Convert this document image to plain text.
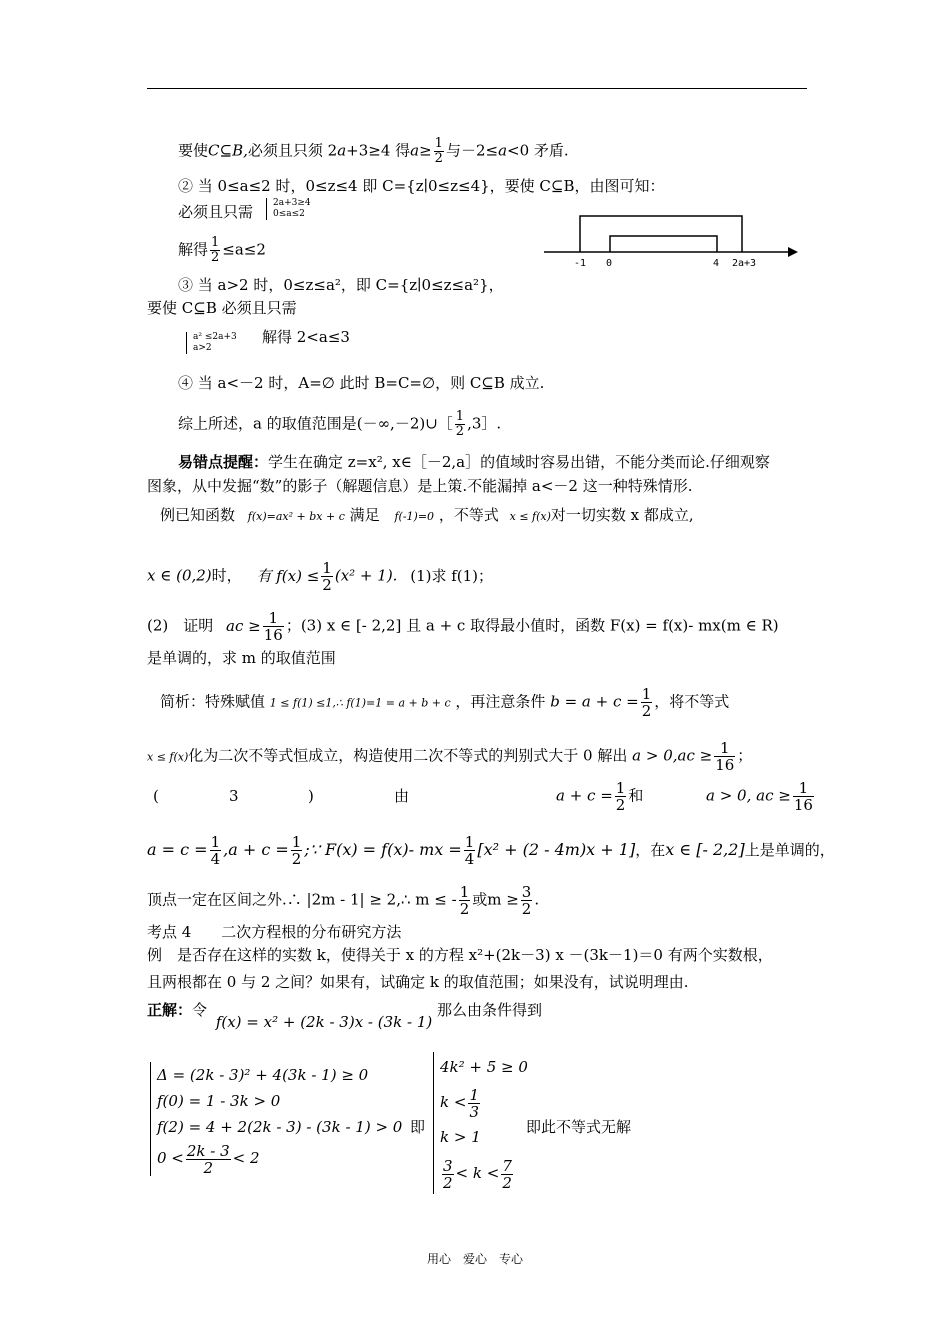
要使C⊆B,必须且只须 2a+3≥4 得$a\ge \frac{1}{2}$ 与－2≤a<0 矛盾.
② 当 0≤a≤2 时，0≤z≤4 即 C={z∣0≤z≤4}，要使 C⊆B，由图可知：
必须且只需 2a+3≥4
0≤a≤2
解得 $\frac{1}{2} \le a\le 2$
-1 0	4 2a+3
③ 当 a>2 时，0≤z≤a²，即 C={z∣0≤z≤a²}，
要使 C⊆B 必须且只需
a² ≤2a+3
a>2
解得 2<a≤3
④ 当 a<－2 时，A=∅ 此时 B=C=∅，则 C⊆B 成立.
综上所述，a 的取值范围是(－∞,－2)∪［ $\frac{1}{2}$ ,3］.
易错点提醒：学生在确定 z=x², x∈［－2,a］的值域时容易出错，不能分类而论.仔细观察
图象，从中发掘“数”的影子（解题信息）是上策.不能漏掉 a<－2 这一种特殊情形.
例已知函数 f(x)=ax² + bx + c 满足 f(-1)=0 ，不等式 x ≤ f(x)对一切实数 x 都成立,
x ∈ (0,2)时， 有 $f(x) \le \frac{1}{2} (x^2 + 1)$. (1)求 f(1)；
(2)　证明 ac ≥ $\frac{1}{16}$ ；(3) x ∈ [- 2,2] 且 a + c 取得最小值时，函数 F(x) = f(x)- mx(m ∈ R)
是单调的，求 m 的取值范围
简析：特殊赋值 1 ≤ f(1) ≤1,∴ f(1)=1 = a + b + c ，再注意条件 $b = a + c = \frac{1}{2}$ ，将不等式
x ≤ f(x)化为二次不等式恒成立，构造使用二次不等式的判别式大于 0 解出 $a > 0,ac \ge \frac{1}{16}$ ；
(	3	)	由	$a + c = \frac{1}{2}$ 和	a > 0, ac ≥ $\frac{1}{16}$
$a = c = \frac{1}{4} ,a + c = \frac{1}{2}$ ;∵ F(x) = f(x)- mx = $\frac{1}{4} [x^2 + (2 - 4m)x + 1]$，在x ∈ [- 2,2]上是单调的，
顶点一定在区间之外.∴ |2m - 1| ≥ 2,∴ m ≤ - $\frac{1}{2}$ 或$m \ge \frac{3}{2}$ .
考点 4　　二次方程根的分布研究方法
例　是否存在这样的实数 k，使得关于 x 的方程 x²+(2k－3) x －(3k－1)＝0 有两个实数根，
且两根都在 0 与 2 之间？如果有，试确定 k 的取值范围；如果没有，试说明理由.
正解：令 f(x) = x² + (2k - 3)x - (3k - 1) 那么由条件得到
Δ = (2k - 3)² + 4(3k - 1) ≥ 0
f(0) = 1 - 3k > 0
f(2) = 4 + 2(2k - 3) - (3k - 1) > 0
$0 < \frac{2k - 3}{2} < 2$
即
4k² + 5 ≥ 0
$k < \frac{1}{3}$
k > 1
$\frac{3}{2} < k < \frac{7}{2}$
即此不等式无解
用心　爱心　专心
